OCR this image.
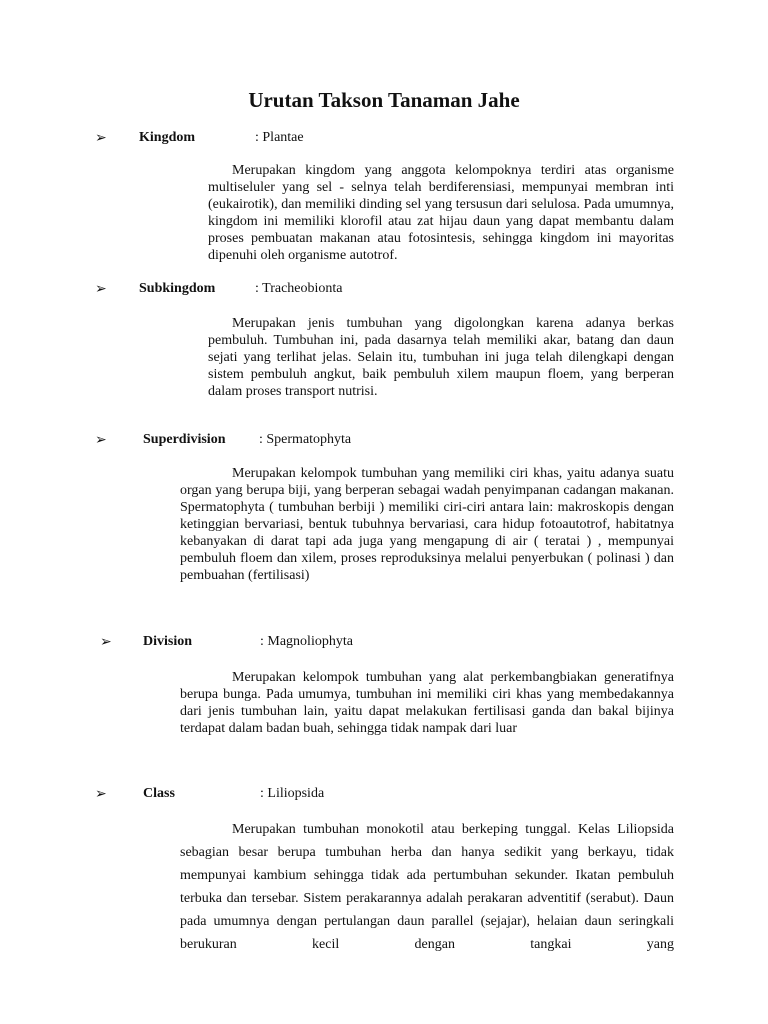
Urutan Takson Tanaman Jahe
➢ Kingdom	: Plantae

Merupakan kingdom yang anggota kelompoknya terdiri atas organisme multiseluler yang sel - selnya telah berdiferensiasi, mempunyai membran inti (eukairotik), dan memiliki dinding sel yang tersusun dari selulosa. Pada umumnya, kingdom ini memiliki klorofil atau zat hijau daun yang dapat membantu dalam proses pembuatan makanan atau fotosintesis, sehingga kingdom ini mayoritas dipenuhi oleh organisme autotrof.

➢ Subkingdom	: Tracheobionta

Merupakan jenis tumbuhan yang digolongkan karena adanya berkas pembuluh. Tumbuhan ini, pada dasarnya telah memiliki akar, batang dan daun sejati yang terlihat jelas. Selain itu, tumbuhan ini juga telah dilengkapi dengan sistem pembuluh angkut, baik pembuluh xilem maupun floem, yang berperan dalam proses transport nutrisi.

➢	Superdivision : Spermatophyta

Merupakan kelompok tumbuhan yang memiliki ciri khas, yaitu adanya suatu organ yang berupa biji, yang berperan sebagai wadah penyimpanan cadangan makanan. Spermatophyta ( tumbuhan berbiji ) memiliki ciri-ciri antara lain: makroskopis dengan ketinggian bervariasi, bentuk tubuhnya bervariasi, cara hidup fotoautotrof, habitatnya kebanyakan di darat tapi ada juga yang mengapung di air ( teratai ) , mempunyai pembuluh floem dan xilem, proses reproduksinya melalui penyerbukan ( polinasi ) dan pembuahan (fertilisasi)

➢ Division	: Magnoliophyta

Merupakan kelompok tumbuhan yang alat perkembangbiakan generatifnya berupa bunga. Pada umumya, tumbuhan ini memiliki ciri khas yang membedakannya dari jenis tumbuhan lain, yaitu dapat melakukan fertilisasi ganda dan bakal bijinya terdapat dalam badan buah, sehingga tidak nampak dari luar

➢	Class	: Liliopsida

Merupakan tumbuhan monokotil atau berkeping tunggal. Kelas Liliopsida sebagian besar berupa tumbuhan herba dan hanya sedikit yang berkayu, tidak mempunyai kambium sehingga tidak ada pertumbuhan sekunder. Ikatan pembuluh terbuka dan tersebar. Sistem perakarannya adalah perakaran adventitif (serabut). Daun pada umumnya dengan pertulangan daun parallel (sejajar), helaian daun seringkali berukuran kecil dengan tangkai yang
